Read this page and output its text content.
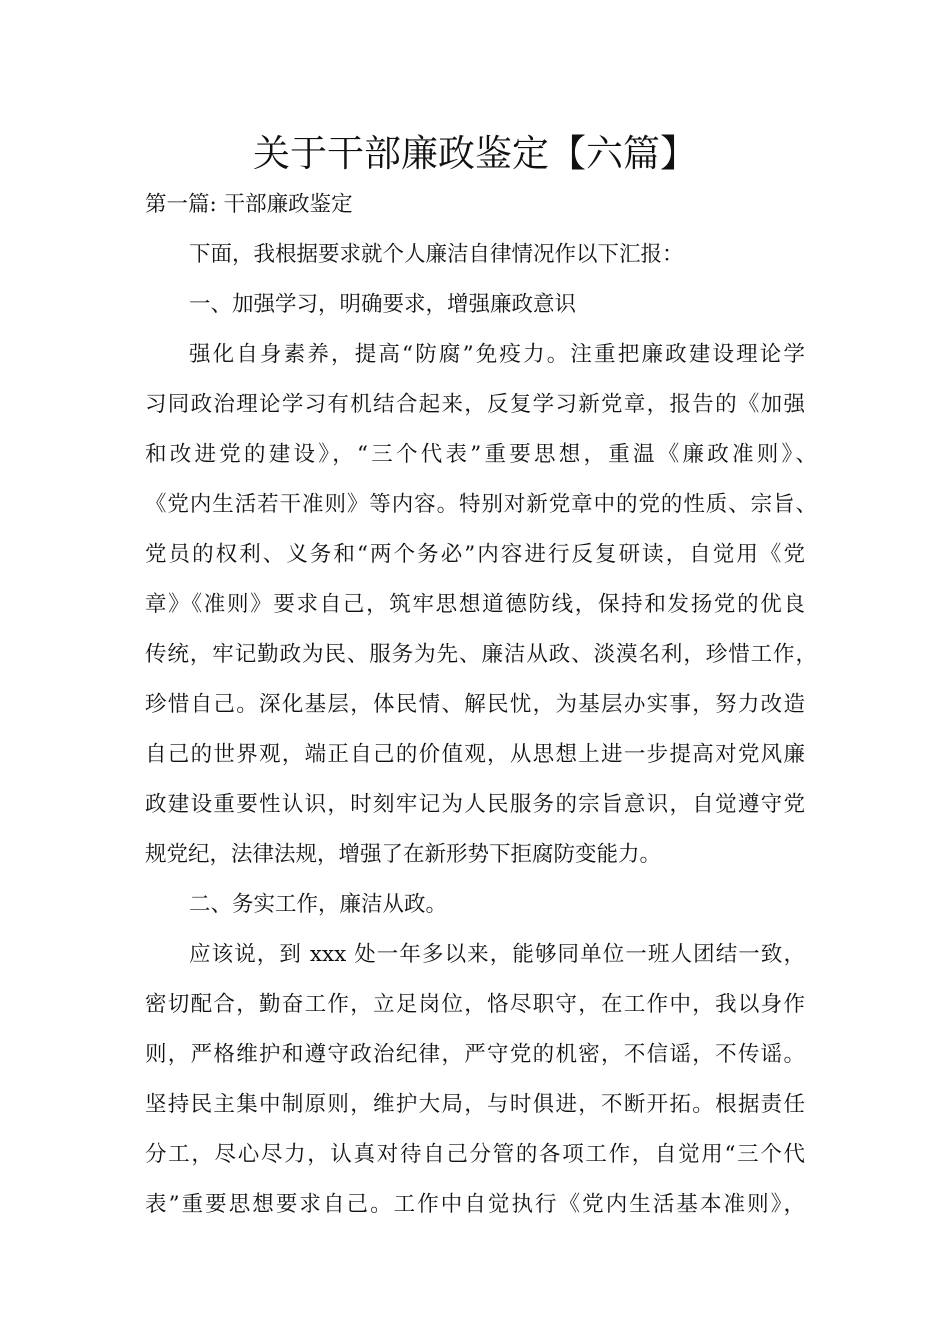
关于干部廉政鉴定【六篇】
第一篇: 干部廉政鉴定
下面，我根据要求就个人廉洁自律情况作以下汇报：
一、加强学习，明确要求，增强廉政意识
强化自身素养，提高“防腐”免疫力。注重把廉政建设理论学
习同政治理论学习有机结合起来，反复学习新党章，报告的《加强
和改进党的建设》，“三个代表”重要思想，重温《廉政准则》、
《党内生活若干准则》等内容。特别对新党章中的党的性质、宗旨、
党员的权利、义务和“两个务必”内容进行反复研读，自觉用《党
章》《准则》要求自己，筑牢思想道德防线，保持和发扬党的优良
传统，牢记勤政为民、服务为先、廉洁从政、淡漠名利，珍惜工作，
珍惜自己。深化基层，体民情、解民忧，为基层办实事，努力改造
自己的世界观，端正自己的价值观，从思想上进一步提高对党风廉
政建设重要性认识，时刻牢记为人民服务的宗旨意识，自觉遵守党
规党纪，法律法规，增强了在新形势下拒腐防变能力。
二、务实工作，廉洁从政。
应该说，到 xxx 处一年多以来，能够同单位一班人团结一致，
密切配合，勤奋工作，立足岗位，恪尽职守，在工作中，我以身作
则，严格维护和遵守政治纪律，严守党的机密，不信谣，不传谣。
坚持民主集中制原则，维护大局，与时俱进，不断开拓。根据责任
分工，尽心尽力，认真对待自己分管的各项工作，自觉用“三个代
表”重要思想要求自己。工作中自觉执行《党内生活基本准则》，
